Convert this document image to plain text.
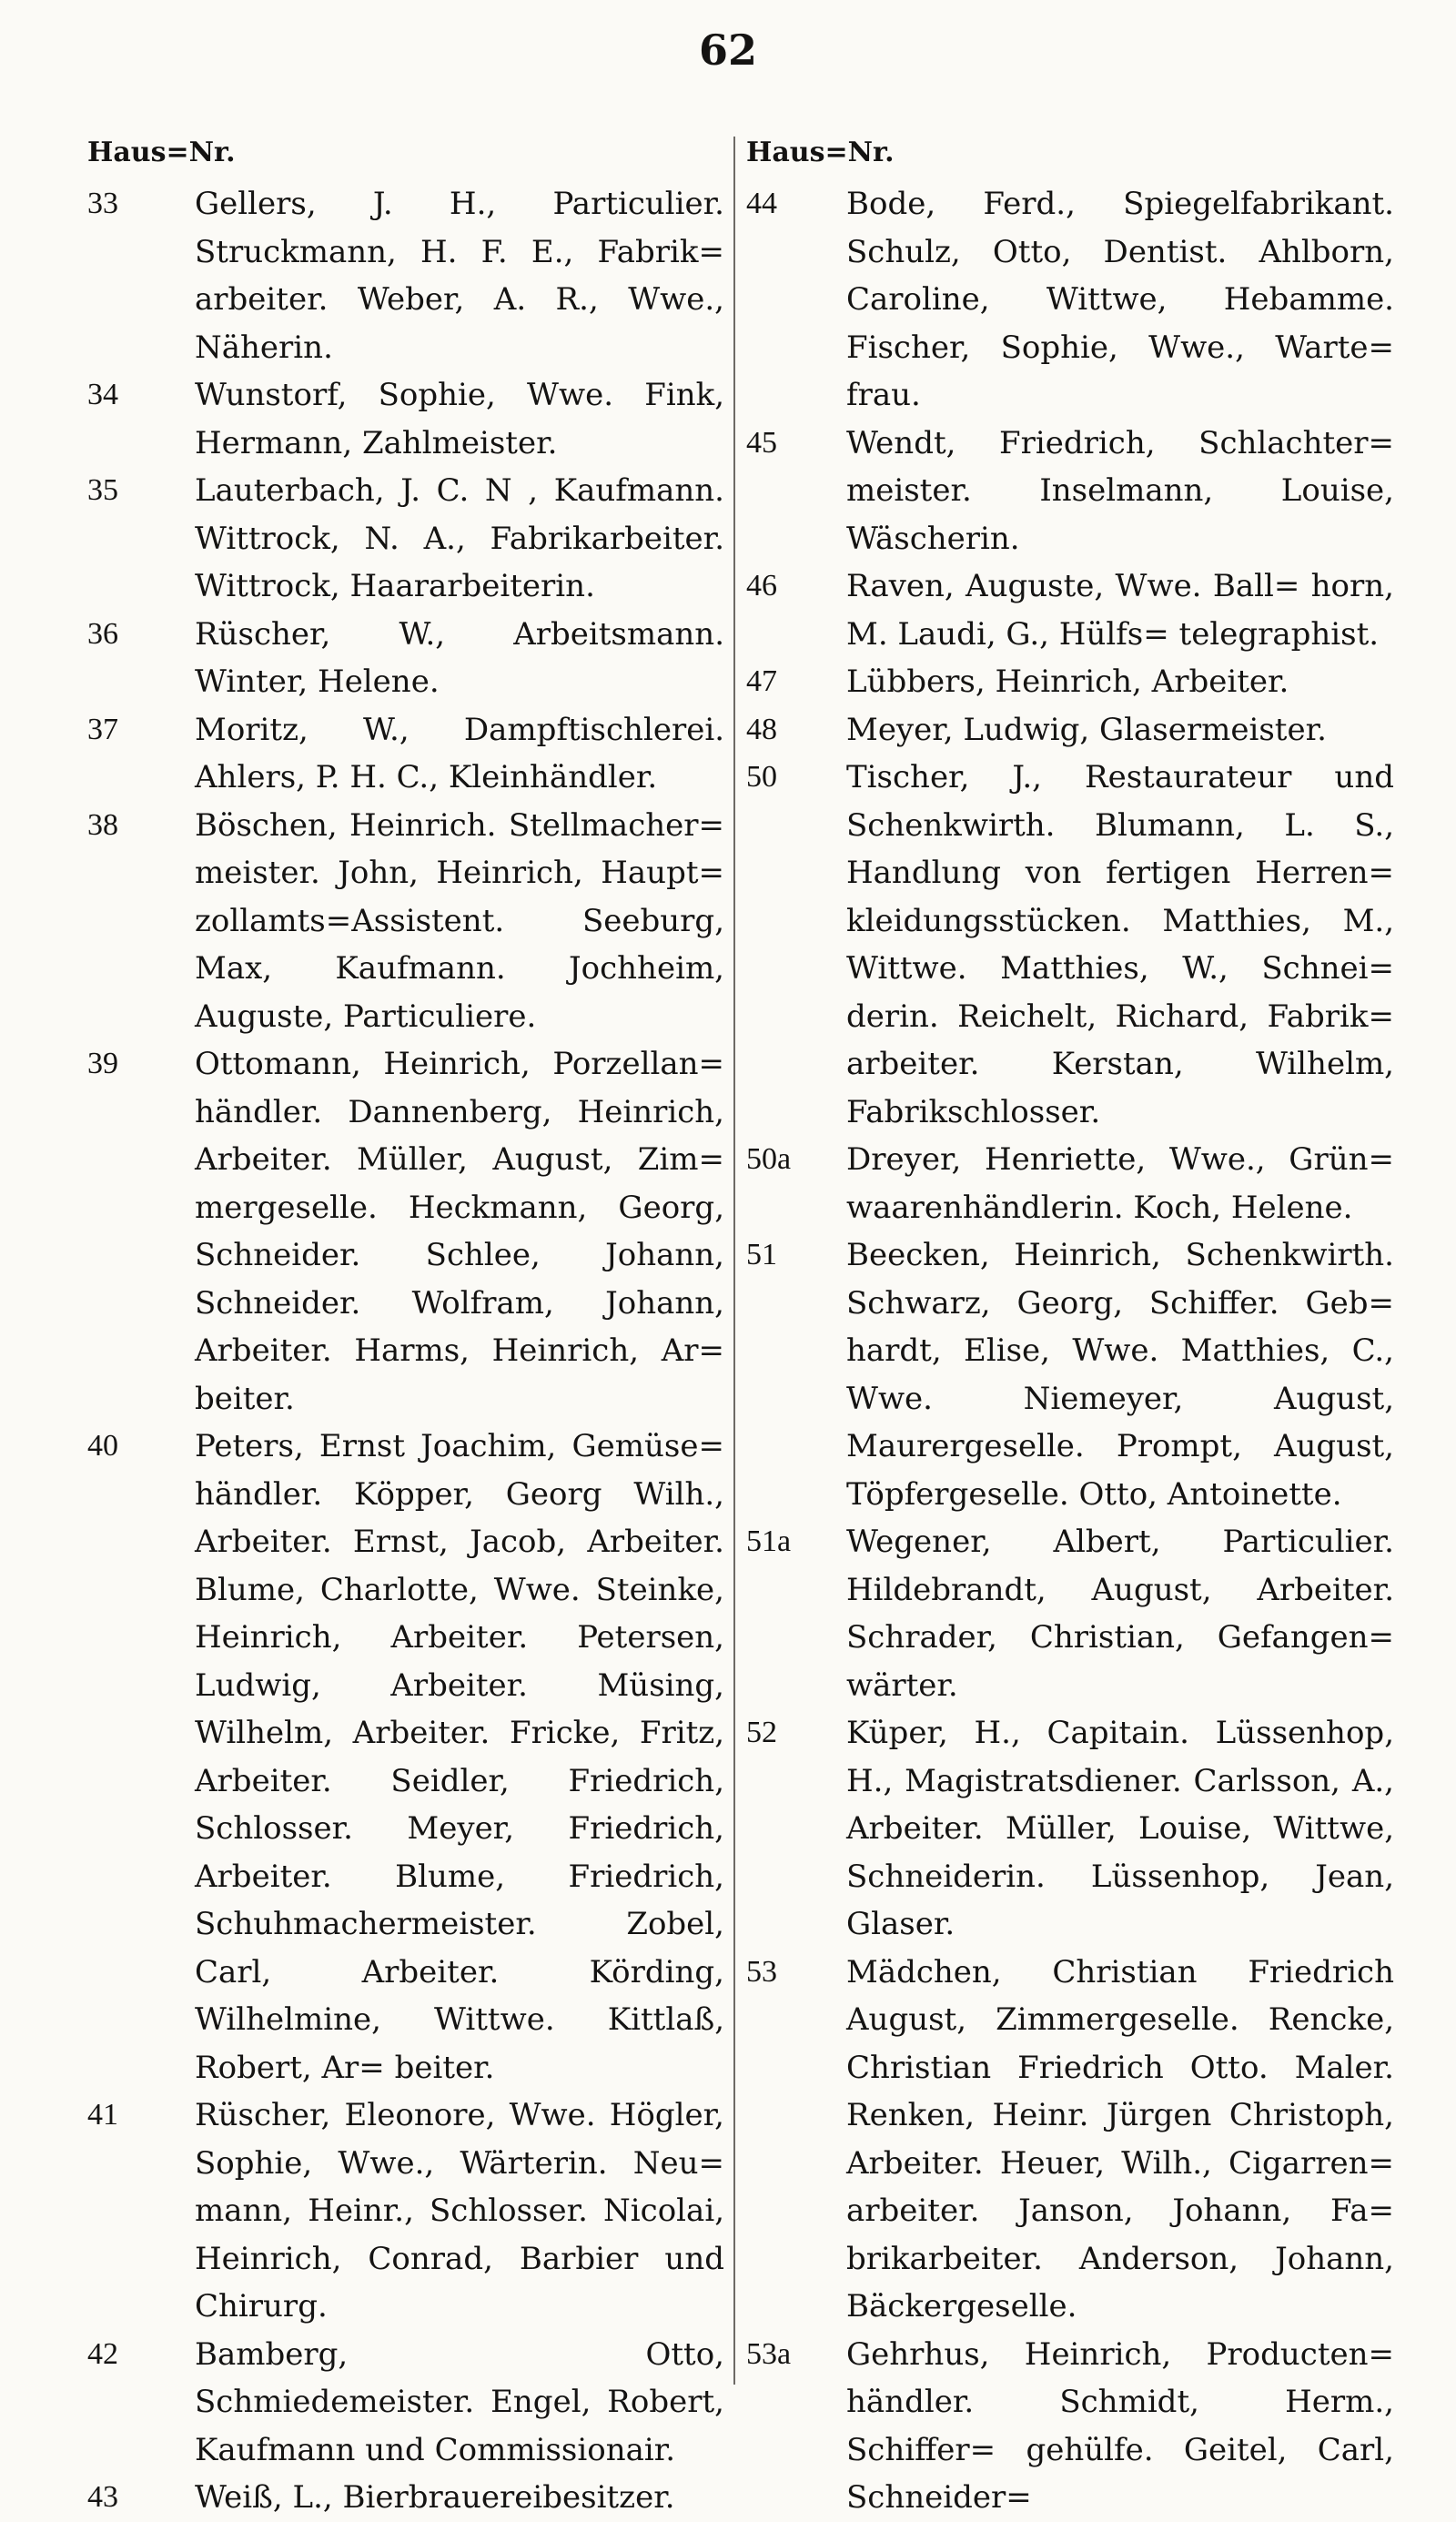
62
Haus=Nr.	Haus=Nr.
33	Gellers, J. H., Particulier. Struckmann, H. F. E., Fabrik= arbeiter. Weber, A. R., Wwe., Näherin.
34	Wunstorf, Sophie, Wwe. Fink, Hermann, Zahlmeister.
35	Lauterbach, J. C. N , Kaufmann. Wittrock, N. A., Fabrikarbeiter. Wittrock, Haararbeiterin.
36	Rüscher, W., Arbeitsmann. Winter, Helene.
37	Moritz, W., Dampftischlerei. Ahlers, P. H. C., Kleinhändler.
38	Böschen, Heinrich. Stellmacher= meister. John, Heinrich, Haupt= zollamts=Assistent. Seeburg, Max, Kaufmann. Jochheim, Auguste, Particuliere.
39	Ottomann, Heinrich, Porzellan= händler. Dannenberg, Heinrich, Arbeiter. Müller, August, Zim= mergeselle. Heckmann, Georg, Schneider. Schlee, Johann, Schneider. Wolfram, Johann, Arbeiter. Harms, Heinrich, Ar= beiter.
40	Peters, Ernst Joachim, Gemüse= händler. Köpper, Georg Wilh., Arbeiter. Ernst, Jacob, Arbeiter. Blume, Charlotte, Wwe. Steinke, Heinrich, Arbeiter. Petersen, Ludwig, Arbeiter. Müsing, Wilhelm, Arbeiter. Fricke, Fritz, Arbeiter. Seidler, Friedrich, Schlosser. Meyer, Friedrich, Arbeiter. Blume, Friedrich, Schuhmachermeister. Zobel, Carl, Arbeiter. Körding, Wilhelmine, Wittwe. Kittlaß, Robert, Ar= beiter.
41	Rüscher, Eleonore, Wwe. Högler, Sophie, Wwe., Wärterin. Neu= mann, Heinr., Schlosser. Nicolai, Heinrich, Conrad, Barbier und Chirurg.
42	Bamberg, Otto, Schmiedemeister. Engel, Robert, Kaufmann und Commissionair.
43	Weiß, L., Bierbrauereibesitzer.
44	Bode, Ferd., Spiegelfabrikant. Schulz, Otto, Dentist. Ahlborn, Caroline, Wittwe, Hebamme. Fischer, Sophie, Wwe., Warte= frau.
45	Wendt, Friedrich, Schlachter= meister. Inselmann, Louise, Wäscherin.
46	Raven, Auguste, Wwe. Ball= horn, M. Laudi, G., Hülfs= telegraphist.
47	Lübbers, Heinrich, Arbeiter.
48	Meyer, Ludwig, Glasermeister.
50	Tischer, J., Restaurateur und Schenkwirth. Blumann, L. S., Handlung von fertigen Herren= kleidungsstücken. Matthies, M., Wittwe. Matthies, W., Schnei= derin. Reichelt, Richard, Fabrik= arbeiter. Kerstan, Wilhelm, Fabrikschlosser.
50a	Dreyer, Henriette, Wwe., Grün= waarenhändlerin. Koch, Helene.
51	Beecken, Heinrich, Schenkwirth. Schwarz, Georg, Schiffer. Geb= hardt, Elise, Wwe. Matthies, C., Wwe. Niemeyer, August, Maurergeselle. Prompt, August, Töpfergeselle. Otto, Antoinette.
51a	Wegener, Albert, Particulier. Hildebrandt, August, Arbeiter. Schrader, Christian, Gefangen= wärter.
52	Küper, H., Capitain. Lüssenhop, H., Magistratsdiener. Carlsson, A., Arbeiter. Müller, Louise, Wittwe, Schneiderin. Lüssenhop, Jean, Glaser.
53	Mädchen, Christian Friedrich August, Zimmergeselle. Rencke, Christian Friedrich Otto. Maler. Renken, Heinr. Jürgen Christoph, Arbeiter. Heuer, Wilh., Cigarren= arbeiter. Janson, Johann, Fa= brikarbeiter. Anderson, Johann, Bäckergeselle.
53a	Gehrhus, Heinrich, Producten= händler. Schmidt, Herm., Schiffer= gehülfe. Geitel, Carl, Schneider=
